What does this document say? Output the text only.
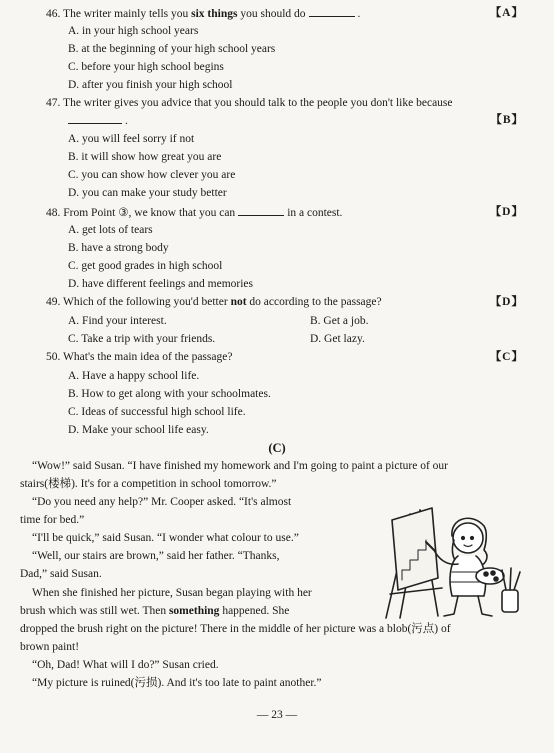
46. The writer mainly tells you six things you should do	.	【A】
A. in your high school years
B. at the beginning of your high school years
C. before your high school begins
D. after you finish your high school
47. The writer gives you advice that you should talk to the people you don't like because
.	【B】
A. you will feel sorry if not
B. it will show how great you are
C. you can show how clever you are
D. you can make your study better
48. From Point ③, we know that you can	in a contest.	【D】
A. get lots of tears
B. have a strong body
C. get good grades in high school
D. have different feelings and memories
49. Which of the following you'd better not do according to the passage?	【D】
A. Find your interest.	B. Get a job.
C. Take a trip with your friends.	D. Get lazy.
50. What's the main idea of the passage?	【C】
A. Have a happy school life.
B. How to get along with your schoolmates.
C. Ideas of successful high school life.
D. Make your school life easy.
(C)
“Wow!” said Susan. “I have finished my homework and I'm going to paint a picture of our
stairs(楼梯). It's for a competition in school tomorrow.”
“Do you need any help?” Mr. Cooper asked. “It's almost
time for bed.”
“I'll be quick,” said Susan. “I wonder what colour to use.”
“Well, our stairs are brown,” said her father. “Thanks,
Dad,” said Susan.
When she finished her picture, Susan began playing with her
brush which was still wet. Then something happened. She
dropped the brush right on the picture! There in the middle of her picture was a blob(污点) of
brown paint!
“Oh, Dad! What will I do?” Susan cried.
“My picture is ruined(污损). And it's too late to paint another.”
— 23 —
